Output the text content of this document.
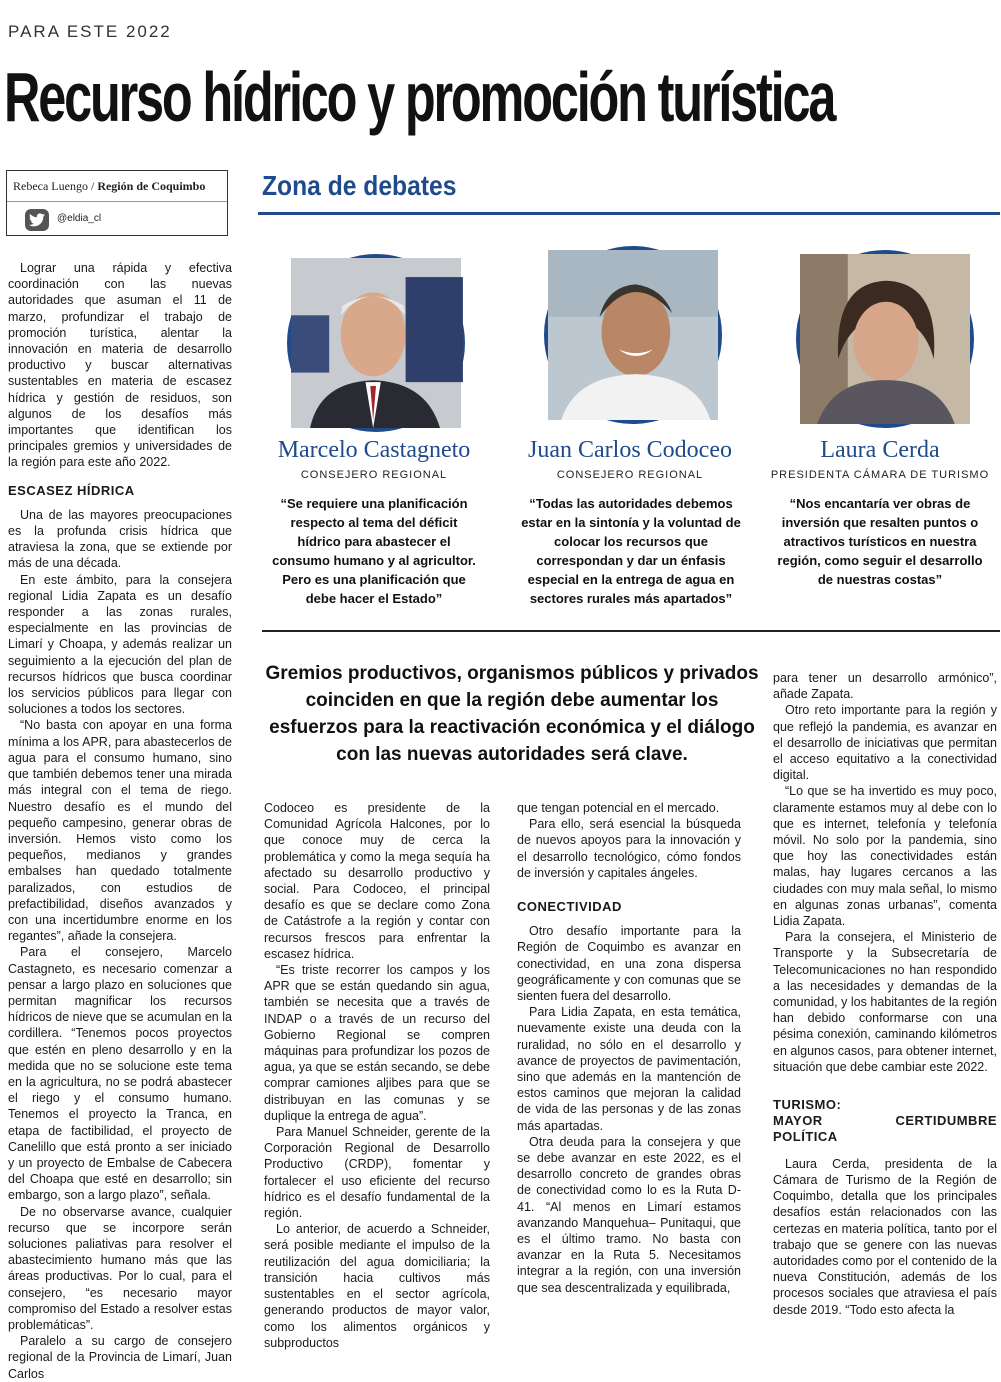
PARA ESTE 2022
Recurso hídrico y promoción turística
Rebeca Luengo / Región de Coquimbo
@eldia_cl
Zona de debates
Marcelo Castagneto
CONSEJERO REGIONAL
“Se requiere una planificación respecto al tema del déficit hídrico para abastecer el consumo humano y al agricultor. Pero es una planificación que debe hacer el Estado”
Juan Carlos Codoceo
CONSEJERO REGIONAL
“Todas las autoridades debemos estar en la sintonía y la voluntad de colocar los recursos que correspondan y dar un énfasis especial en la entrega de agua en sectores rurales más apartados”
Laura Cerda
PRESIDENTA CÁMARA DE TURISMO
“Nos encantaría ver obras de inversión que resalten puntos o atractivos turísticos en nuestra región, como seguir el desarrollo de nuestras costas”
Gremios productivos, organismos públicos y privados coinciden en que la región debe aumentar los esfuerzos para la reactivación económica y el diálogo con las nuevas autoridades será clave.

Lograr una rápida y efectiva coordinación con las nuevas autoridades que asuman el 11 de marzo, profundizar el trabajo de promoción turística, alentar la innovación en materia de desarrollo productivo y buscar alternativas sustentables en materia de escasez hídrica y gestión de residuos, son algunos de los desafíos más importantes que identifican los principales gremios y universidades de la región para este año 2022.

ESCASEZ HÍDRICA

Una de las mayores preocupaciones es la profunda crisis hídrica que atraviesa la zona, que se extiende por más de una década.

En este ámbito, para la consejera regional Lidia Zapata es un desafío responder a las zonas rurales, especialmente en las provincias de Limarí y Choapa, y además realizar un seguimiento a la ejecución del plan de recursos hídricos que busca coordinar los servicios públicos para llegar con soluciones a todos los sectores.

“No basta con apoyar en una forma mínima a los APR, para abastecerlos de agua para el consumo humano, sino que también debemos tener una mirada más integral con el tema de riego. Nuestro desafío es el mundo del pequeño campesino, generar obras de inversión. Hemos visto como los pequeños, medianos y grandes embalses han quedado totalmente paralizados, con estudios de prefactibilidad, diseños avanzados y con una incertidumbre enorme en los regantes”, añade la consejera.

Para el consejero, Marcelo Castagneto, es necesario comenzar a pensar a largo plazo en soluciones que permitan magnificar los recursos hídricos de nieve que se acumulan en la cordillera. “Tenemos pocos proyectos que estén en pleno desarrollo y en la medida que no se solucione este tema en la agricultura, no se podrá abastecer el riego y el consumo humano. Tenemos el proyecto la Tranca, en etapa de factibilidad, el proyecto de Canelillo que está pronto a ser iniciado y un proyecto de Embalse de Cabecera del Choapa que esté en desarrollo; sin embargo, son a largo plazo”, señala.

De no observarse avance, cualquier recurso que se incorpore serán soluciones paliativas para resolver el abastecimiento humano más que las áreas productivas. Por lo cual, para el consejero, “es necesario mayor compromiso del Estado a resolver estas problemáticas”.

Paralelo a su cargo de consejero regional de la Provincia de Limarí, Juan Carlos

Codoceo es presidente de la Comunidad Agrícola Halcones, por lo que conoce muy de cerca la problemática y como la mega sequía ha afectado su desarrollo productivo y social. Para Codoceo, el principal desafío es que se declare como Zona de Catástrofe a la región y contar con recursos frescos para enfrentar la escasez hídrica.

“Es triste recorrer los campos y los APR que se están quedando sin agua, también se necesita que a través de INDAP o a través de un recurso del Gobierno Regional se compren máquinas para profundizar los pozos de agua, ya que se están secando, se debe comprar camiones aljibes para que se distribuyan en las comunas y se duplique la entrega de agua”.

Para Manuel Schneider, gerente de la Corporación Regional de Desarrollo Productivo (CRDP), fomentar y fortalecer el uso eficiente del recurso hídrico es el desafío fundamental de la región.

Lo anterior, de acuerdo a Schneider, será posible mediante el impulso de la reutilización del agua domiciliaria; la transición hacia cultivos más sustentables en el sector agrícola, generando productos de mayor valor, como los alimentos orgánicos y subproductos

que tengan potencial en el mercado.

Para ello, será esencial la búsqueda de nuevos apoyos para la innovación y el desarrollo tecnológico, cómo fondos de inversión y capitales ángeles.

CONECTIVIDAD

Otro desafío importante para la Región de Coquimbo es avanzar en conectividad, en una zona dispersa geográficamente y con comunas que se sienten fuera del desarrollo.

Para Lidia Zapata, en esta temática, nuevamente existe una deuda con la ruralidad, no sólo en el desarrollo y avance de proyectos de pavimentación, sino que además en la mantención de estos caminos que mejoran la calidad de vida de las personas y de las zonas más apartadas.

Otra deuda para la consejera y que se debe avanzar en este 2022, es el desarrollo concreto de grandes obras de conectividad como lo es la Ruta D-41. “Al menos en Limarí estamos avanzando Manquehua– Punitaqui, que es el último tramo. No basta con avanzar en la Ruta 5. Necesitamos integrar a la región, con una inversión que sea descentralizada y equilibrada,

para tener un desarrollo armónico”, añade Zapata.

Otro reto importante para la región y que reflejó la pandemia, es avanzar en el desarrollo de iniciativas que permitan el acceso equitativo a la conectividad digital.

“Lo que se ha invertido es muy poco, claramente estamos muy al debe con lo que es internet, telefonía y telefonía móvil. No solo por la pandemia, sino que hoy las conectividades están malas, hay lugares cercanos a las ciudades con muy mala señal, lo mismo en algunas zonas urbanas”, comenta Lidia Zapata.

Para la consejera, el Ministerio de Transporte y la Subsecretaría de Telecomunicaciones no han respondido a las necesidades y demandas de la comunidad, y los habitantes de la región han debido conformarse con una pésima conexión, caminando kilómetros en algunos casos, para obtener internet, situación que debe cambiar este 2022.

TURISMO:
MAYOR CERTIDUMBRE POLÍTICA

Laura Cerda, presidenta de la Cámara de Turismo de la Región de Coquimbo, detalla que los principales desafíos están relacionados con las certezas en materia política, tanto por el trabajo que se genere con las nuevas autoridades como por el contenido de la nueva Constitución, además de los procesos sociales que atraviesa el país desde 2019. “Todo esto afecta la
